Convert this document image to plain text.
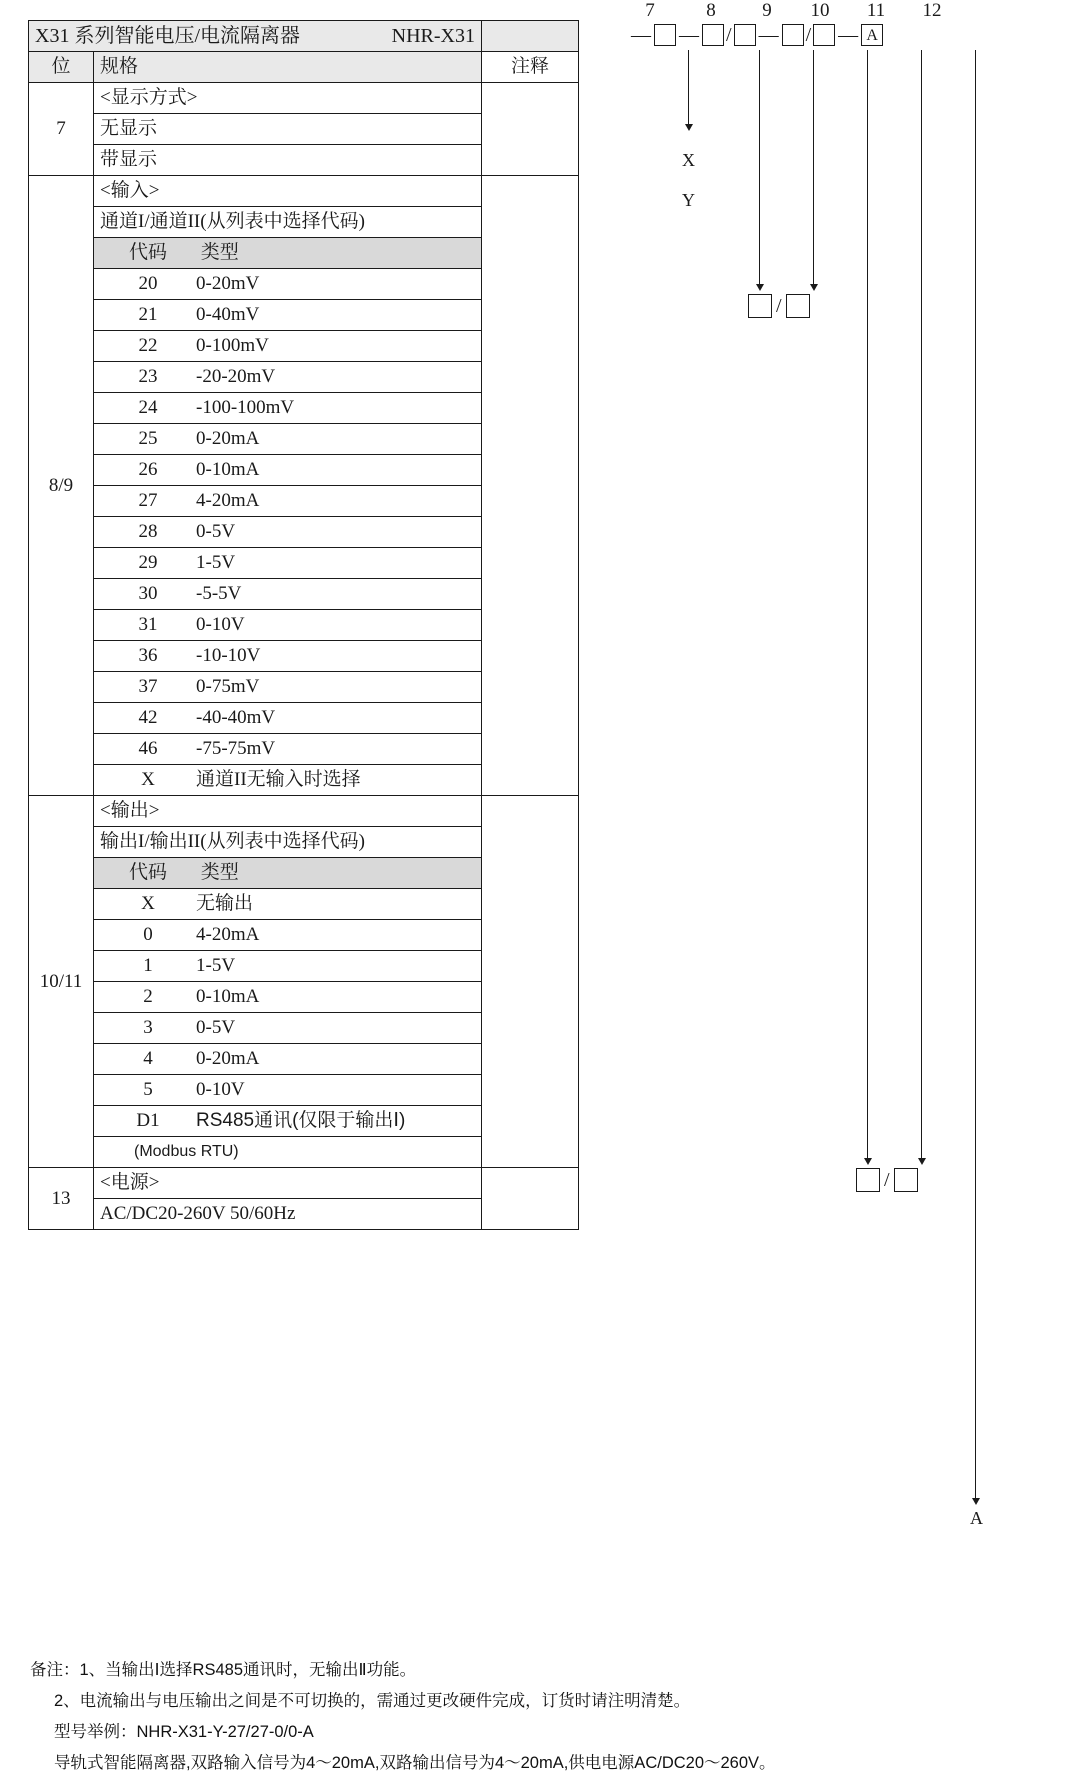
7	8	9	10 11 12
— — / — / — A
X
Y
/
/
A
X31 系列智能电压/电流隔离器 NHR-X31		

位	规格	注释
7	<显示方式>	
	无显示	
	带显示	
8/9	<输入>	
	通道I/通道II(从列表中选择代码)	
	代码 类型	
	20 0-20mV	
	21 0-40mV	
	22 0-100mV	
	23 -20-20mV	
	24 -100-100mV	
	25 0-20mA	
	26 0-10mA	
	27 4-20mA	
	28 0-5V	
	29 1-5V	
	30 -5-5V	
	31 0-10V	
	36 -10-10V	
	37 0-75mV	
	42 -40-40mV	
	46 -75-75mV	
	X 通道II无输入时选择	
10/11	<输出>	
	输出I/输出II(从列表中选择代码)	
	代码 类型	
	X 无输出	
	0 4-20mA	
	1 1-5V	
	2 0-10mA	
	3 0-5V	
	4 0-20mA	
	5 0-10V	
	D1 RS485通讯(仅限于输出Ⅰ)	
	(Modbus RTU)	
13	<电源>	
	AC/DC20-260V 50/60Hz	
备注：1、当输出Ⅰ选择RS485通讯时，无输出Ⅱ功能。
2、电流输出与电压输出之间是不可切换的，需通过更改硬件完成，订货时请注明清楚。
型号举例：NHR-X31-Y-27/27-0/0-A
导轨式智能隔离器,双路输入信号为4～20mA,双路输出信号为4～20mA,供电电源AC/DC20～260V。
